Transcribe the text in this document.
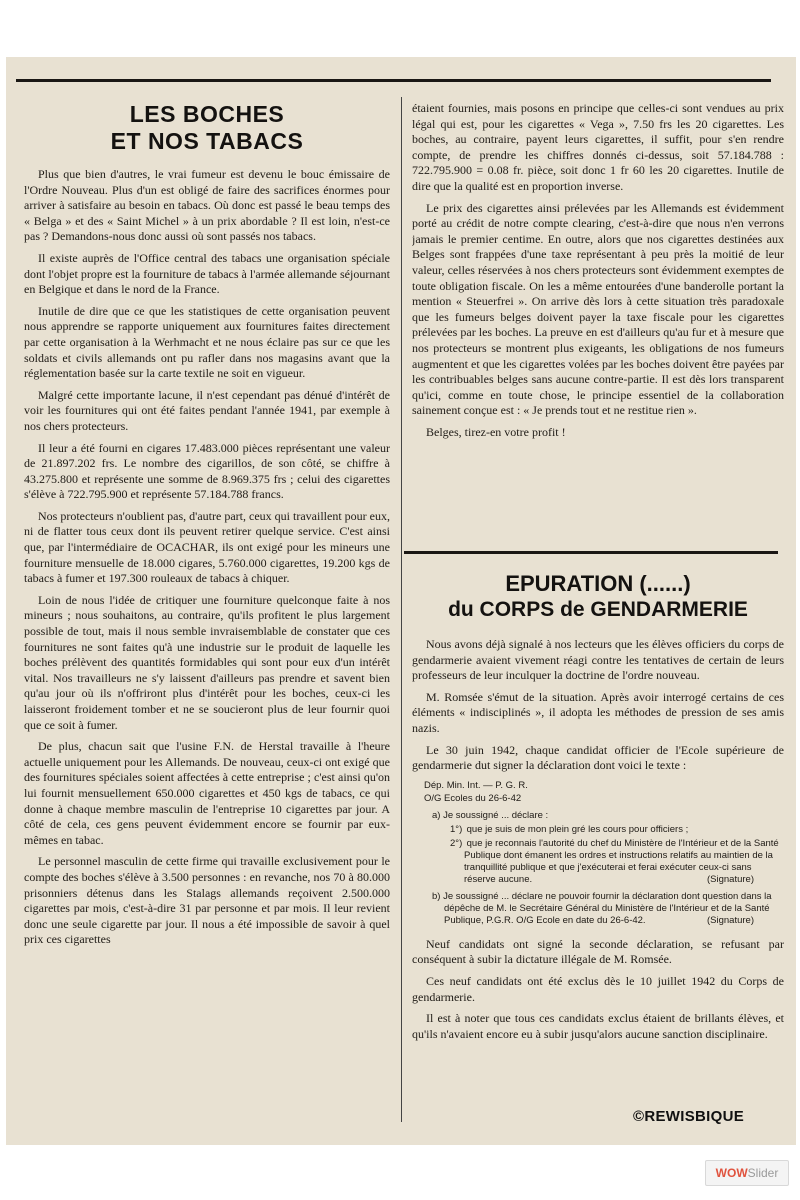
LES BOCHES
ET NOS TABACS

Plus que bien d'autres, le vrai fumeur est devenu le bouc émissaire de l'Ordre Nouveau. Plus d'un est obligé de faire des sacrifices énormes pour arriver à satisfaire au besoin en tabacs. Où donc est passé le beau temps des « Belga » et des « Saint Michel » à un prix abordable ? Il est loin, n'est-ce pas ? Demandons-nous donc aussi où sont passés nos tabacs.

Il existe auprès de l'Office central des tabacs une organisation spéciale dont l'objet propre est la fourniture de tabacs à l'armée allemande séjournant en Belgique et dans le nord de la France.

Inutile de dire que ce que les statistiques de cette organisation peuvent nous apprendre se rapporte uniquement aux fournitures faites directement par cette organisation à la Werhmacht et ne nous éclaire pas sur ce que les soldats et civils allemands ont pu rafler dans nos magasins avant que la réglementation basée sur la carte textile ne soit en vigueur.

Malgré cette importante lacune, il n'est cependant pas dénué d'intérêt de voir les fournitures qui ont été faites pendant l'année 1941, par exemple à nos chers protecteurs.

Il leur a été fourni en cigares 17.483.000 pièces représentant une valeur de 21.897.202 frs. Le nombre des cigarillos, de son côté, se chiffre à 43.275.800 et représente une somme de 8.969.375 frs ; celui des cigarettes s'élève à 722.795.900 et représente 57.184.788 francs.

Nos protecteurs n'oublient pas, d'autre part, ceux qui travaillent pour eux, ni de flatter tous ceux dont ils peuvent retirer quelque service. C'est ainsi que, par l'intermédiaire de OCACHAR, ils ont exigé pour les mineurs une fourniture mensuelle de 18.000 cigares, 5.760.000 cigarettes, 19.200 kgs de tabacs à fumer et 197.300 rouleaux de tabacs à chiquer.

Loin de nous l'idée de critiquer une fourniture quelconque faite à nos mineurs ; nous souhaitons, au contraire, qu'ils profitent le plus largement possible de tout, mais il nous semble invraisemblable de constater que ces fournitures ne sont faites qu'à une industrie sur le produit de laquelle les boches prélèvent des quantités formidables qui sont pour eux d'un intérêt vital. Nos travailleurs ne s'y laissent d'ailleurs pas prendre et savent bien qu'au jour où ils n'offriront plus d'intérêt pour les boches, ceux-ci les laisseront froidement tomber et ne se soucieront plus de leur fournir quoi que ce soit à fumer.

De plus, chacun sait que l'usine F.N. de Herstal travaille à l'heure actuelle uniquement pour les Allemands. De nouveau, ceux-ci ont exigé que des fournitures spéciales soient affectées à cette entreprise ; c'est ainsi qu'on lui fournit mensuellement 650.000 cigarettes et 450 kgs de tabacs, ce qui donne à chaque membre masculin de l'entreprise 10 cigarettes par jour. A côté de cela, ces gens peuvent évidemment encore se fournir par eux-mêmes en tabac.

Le personnel masculin de cette firme qui travaille exclusivement pour le compte des boches s'élève à 3.500 personnes : en revanche, nos 70 à 80.000 prisonniers détenus dans les Stalags allemands reçoivent 2.500.000 cigarettes par mois, c'est-à-dire 31 par personne et par mois. Il leur revient donc une seule cigarette par jour. Il nous a été impossible de savoir à quel prix ces cigarettes

étaient fournies, mais posons en principe que celles-ci sont vendues au prix légal qui est, pour les cigarettes « Vega », 7.50 frs les 20 cigarettes. Les boches, au contraire, payent leurs cigarettes, il suffit, pour s'en rendre compte, de prendre les chiffres donnés ci-dessus, soit 57.184.788 : 722.795.900 = 0.08 fr. pièce, soit donc 1 fr 60 les 20 cigarettes. Inutile de dire que la qualité est en proportion inverse.

Le prix des cigarettes ainsi prélevées par les Allemands est évidemment porté au crédit de notre compte clearing, c'est-à-dire que nous n'en verrons jamais le premier centime. En outre, alors que nos cigarettes destinées aux Belges sont frappées d'une taxe représentant à peu près la moitié de leur valeur, celles réservées à nos chers protecteurs sont évidemment exemptes de toute obligation fiscale. On les a même entourées d'une banderolle portant la mention « Steuerfrei ». On arrive dès lors à cette situation très paradoxale que les fumeurs belges doivent payer la taxe fiscale pour les cigarettes prélevées par les boches. La preuve en est d'ailleurs qu'au fur et à mesure que nos protecteurs se montrent plus exigeants, les obligations de nos fumeurs augmentent et que les cigarettes volées par les boches doivent être payées par les contribuables belges sans aucune contre-partie. Il est dès lors transparent qu'ici, comme en toute chose, le principe essentiel de la collaboration sainement conçue est : « Je prends tout et ne restitue rien ».

Belges, tirez-en votre profit !

EPURATION (......)
du CORPS de GENDARMERIE

Nous avons déjà signalé à nos lecteurs que les élèves officiers du corps de gendarmerie avaient vivement réagi contre les tentatives de certain de leurs professeurs de leur inculquer la doctrine de l'ordre nouveau.

M. Romsée s'émut de la situation. Après avoir interrogé certains de ces éléments « indisciplinés », il adopta les méthodes de pression de ses amis nazis.

Le 30 juin 1942, chaque candidat officier de l'Ecole supérieure de gendarmerie dut signer la déclaration dont voici le texte :

Dép. Min. Int. — P. G. R.
O/G Ecoles du 26-6-42
a) Je soussigné ... déclare :
1°) que je suis de mon plein gré les cours pour officiers ;
2°) que je reconnais l'autorité du chef du Ministère de l'Intérieur et de la Santé Publique dont émanent les ordres et instructions relatifs au maintien de la tranquillité publique et que j'exécuterai et ferai exécuter ceux-ci sans réserve aucune.	(Signature)
b) Je soussigné ... déclare ne pouvoir fournir la déclaration dont question dans la dépêche de M. le Secrétaire Général du Ministère de l'Intérieur et de la Santé Publique, P.G.R. O/G Ecole en date du 26-6-42.	(Signature)

Neuf candidats ont signé la seconde déclaration, se refusant par conséquent à subir la dictature illégale de M. Romsée.

Ces neuf candidats ont été exclus dès le 10 juillet 1942 du Corps de gendarmerie.

Il est à noter que tous ces candidats exclus étaient de brillants élèves, et qu'ils n'avaient encore eu à subir jusqu'alors aucune sanction disciplinaire.

©REWISBIQUE
WOWSlider
